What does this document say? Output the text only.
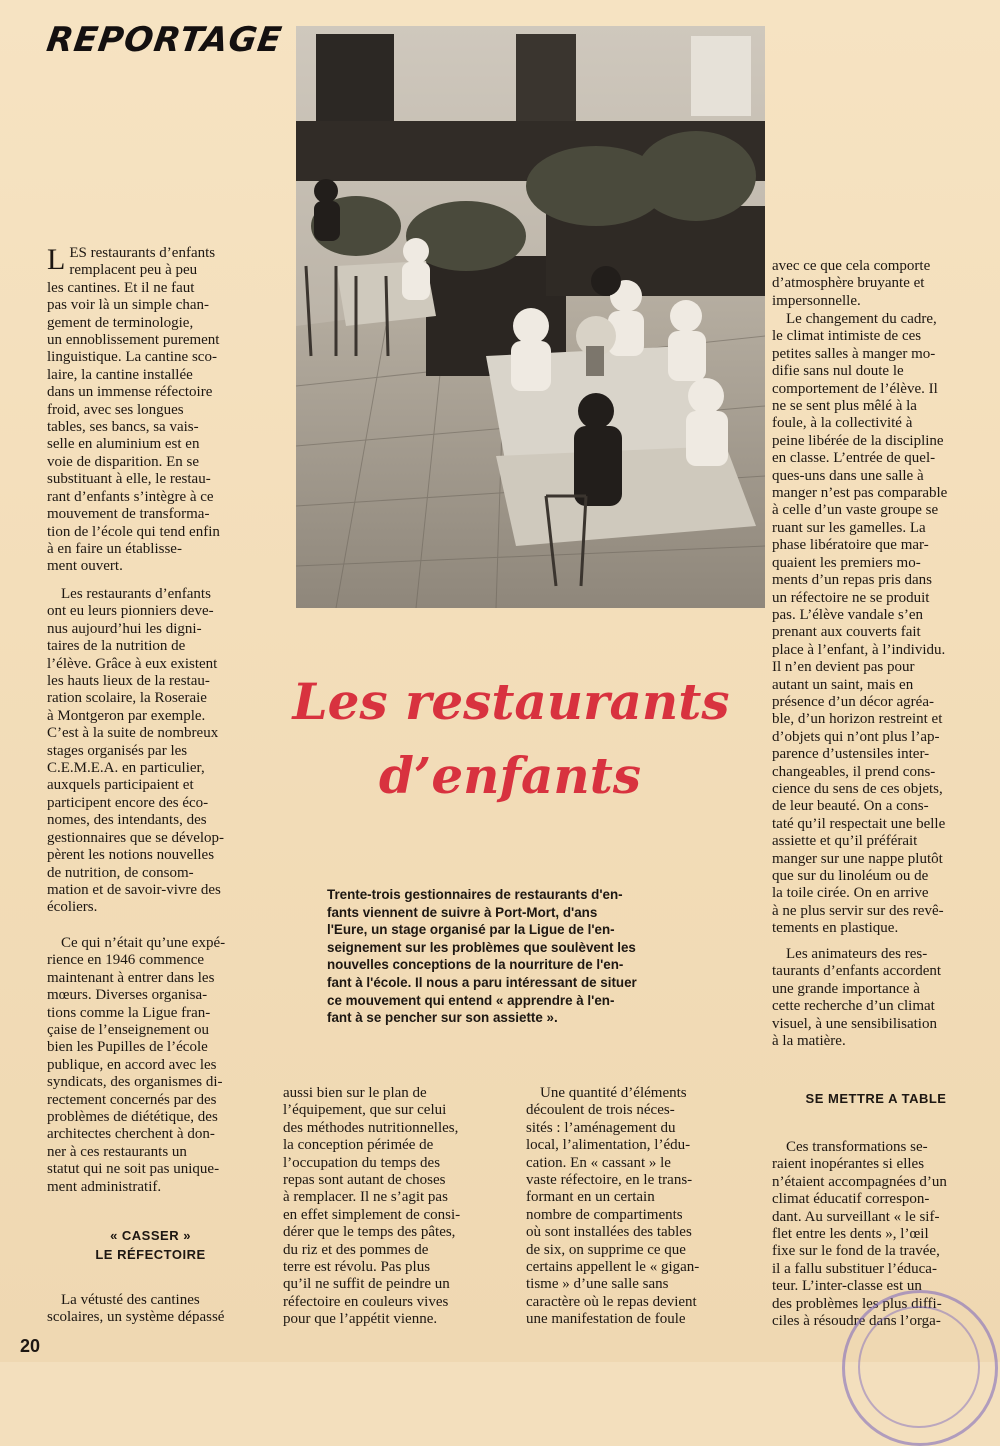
REPORTAGE
Les restaurants
d’enfants
Trente-trois gestionnaires de restaurants d'en-
fants viennent de suivre à Port-Mort, d'ans
l'Eure, un stage organisé par la Ligue de l'en-
seignement sur les problèmes que soulèvent les
nouvelles conceptions de la nourriture de l'en-
fant à l'école. Il nous a paru intéressant de situer
ce mouvement qui entend « apprendre à l'en-
fant à se pencher sur son assiette ».
LES restaurants d’enfants
remplacent peu à peu
les cantines. Et il ne faut
pas voir là un simple chan-
gement de terminologie,
un ennoblissement purement
linguistique. La cantine sco-
laire, la cantine installée
dans un immense réfectoire
froid, avec ses longues
tables, ses bancs, sa vais-
selle en aluminium est en
voie de disparition. En se
substituant à elle, le restau-
rant d’enfants s’intègre à ce
mouvement de transforma-
tion de l’école qui tend enfin
à en faire un établisse-
ment ouvert.
Les restaurants d’enfants
ont eu leurs pionniers deve-
nus aujourd’hui les digni-
taires de la nutrition de
l’élève. Grâce à eux existent
les hauts lieux de la restau-
ration scolaire, la Roseraie
à Montgeron par exemple.
C’est à la suite de nombreux
stages organisés par les
C.E.M.E.A. en particulier,
auxquels participaient et
participent encore des éco-
nomes, des intendants, des
gestionnaires que se dévelop-
pèrent les notions nouvelles
de nutrition, de consom-
mation et de savoir-vivre des
écoliers.
Ce qui n’était qu’une expé-
rience en 1946 commence
maintenant à entrer dans les
mœurs. Diverses organisa-
tions comme la Ligue fran-
çaise de l’enseignement ou
bien les Pupilles de l’école
publique, en accord avec les
syndicats, des organismes di-
rectement concernés par des
problèmes de diététique, des
architectes cherchent à don-
ner à ces restaurants un
statut qui ne soit pas unique-
ment administratif.
« CASSER »
LE RÉFECTOIRE
La vétusté des cantines
scolaires, un système dépassé
aussi bien sur le plan de
l’équipement, que sur celui
des méthodes nutritionnelles,
la conception périmée de
l’occupation du temps des
repas sont autant de choses
à remplacer. Il ne s’agit pas
en effet simplement de consi-
dérer que le temps des pâtes,
du riz et des pommes de
terre est révolu. Pas plus
qu’il ne suffit de peindre un
réfectoire en couleurs vives
pour que l’appétit vienne.
Une quantité d’éléments
découlent de trois néces-
sités : l’aménagement du
local, l’alimentation, l’édu-
cation. En « cassant » le
vaste réfectoire, en le trans-
formant en un certain
nombre de compartiments
où sont installées des tables
de six, on supprime ce que
certains appellent le « gigan-
tisme » d’une salle sans
caractère où le repas devient
une manifestation de foule
avec ce que cela comporte
d’atmosphère bruyante et
impersonnelle.
Le changement du cadre,
le climat intimiste de ces
petites salles à manger mo-
difie sans nul doute le
comportement de l’élève. Il
ne se sent plus mêlé à la
foule, à la collectivité à
peine libérée de la discipline
en classe. L’entrée de quel-
ques-uns dans une salle à
manger n’est pas comparable
à celle d’un vaste groupe se
ruant sur les gamelles. La
phase libératoire que mar-
quaient les premiers mo-
ments d’un repas pris dans
un réfectoire ne se produit
pas. L’élève vandale s’en
prenant aux couverts fait
place à l’enfant, à l’individu.
Il n’en devient pas pour
autant un saint, mais en
présence d’un décor agréa-
ble, d’un horizon restreint et
d’objets qui n’ont plus l’ap-
parence d’ustensiles inter-
changeables, il prend cons-
cience du sens de ces objets,
de leur beauté. On a cons-
taté qu’il respectait une belle
assiette et qu’il préférait
manger sur une nappe plutôt
que sur du linoléum ou de
la toile cirée. On en arrive
à ne plus servir sur des revê-
tements en plastique.
Les animateurs des res-
taurants d’enfants accordent
une grande importance à
cette recherche d’un climat
visuel, à une sensibilisation
à la matière.
SE METTRE A TABLE
Ces transformations se-
raient inopérantes si elles
n’étaient accompagnées d’un
climat éducatif correspon-
dant. Au surveillant « le sif-
flet entre les dents », l’œil
fixe sur le fond de la travée,
il a fallu substituer l’éduca-
teur. L’inter-classe est un
des problèmes les plus diffi-
ciles à résoudre dans l’orga-
20
